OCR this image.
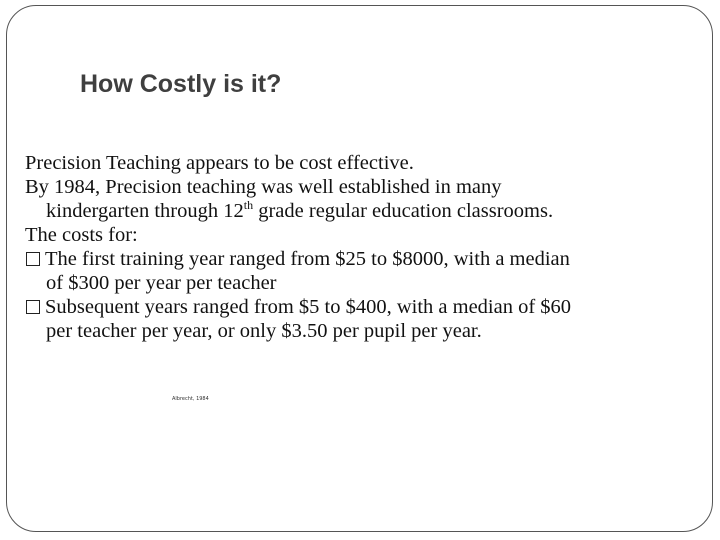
How Costly is it?
Precision Teaching appears to be cost effective.
By 1984, Precision teaching was well established in many
kindergarten through 12th grade regular education classrooms.
The costs for:
The first training year ranged from $25 to $8000, with a median
of $300 per year per teacher
Subsequent years ranged from $5 to $400, with a median of $60
per teacher per year, or only $3.50 per pupil per year.
Albrecht, 1984
